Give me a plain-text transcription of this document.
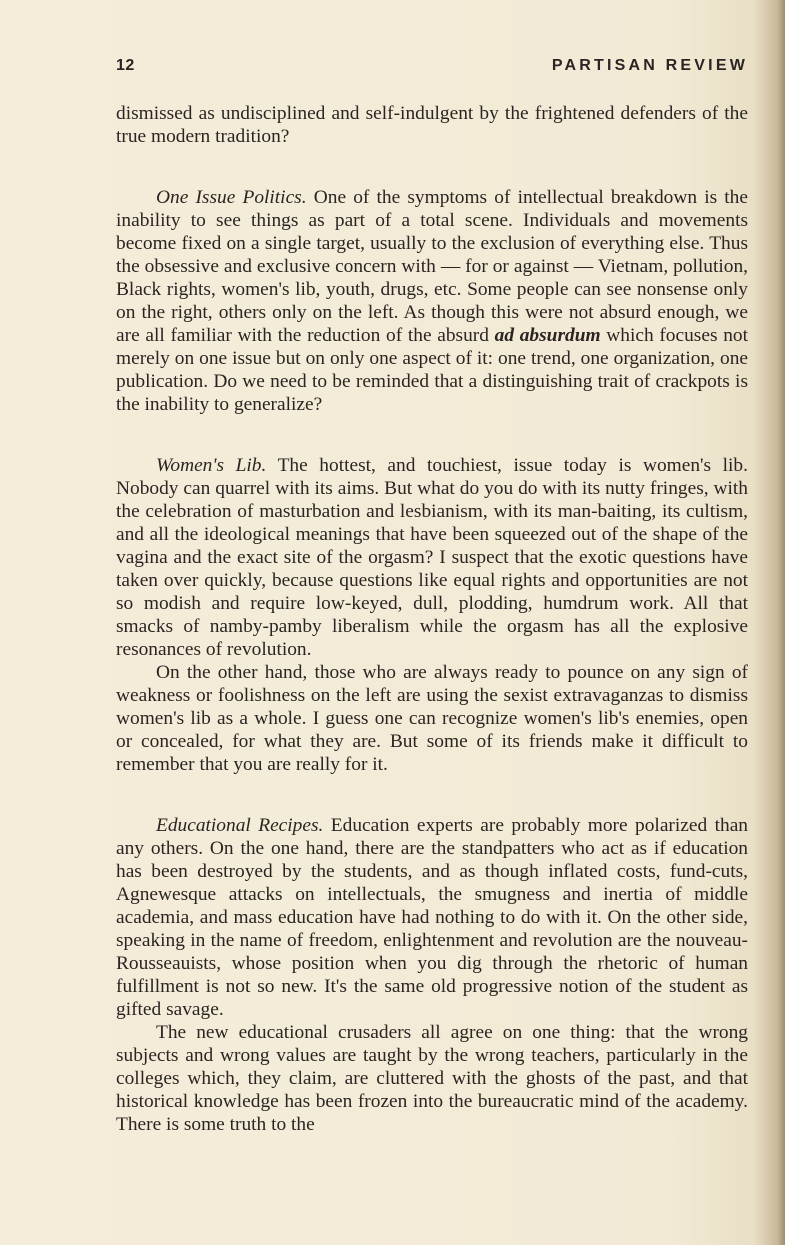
12	PARTISAN REVIEW

dismissed as undisciplined and self-indulgent by the frightened defenders of the true modern tradition?

One Issue Politics. One of the symptoms of intellectual breakdown is the inability to see things as part of a total scene. Individuals and movements become fixed on a single target, usually to the exclusion of everything else. Thus the obsessive and exclusive concern with — for or against — Vietnam, pollution, Black rights, women's lib, youth, drugs, etc. Some people can see nonsense only on the right, others only on the left. As though this were not absurd enough, we are all familiar with the reduction of the absurd ad absurdum which focuses not merely on one issue but on only one aspect of it: one trend, one organization, one publication. Do we need to be reminded that a distinguishing trait of crackpots is the inability to generalize?

Women's Lib. The hottest, and touchiest, issue today is women's lib. Nobody can quarrel with its aims. But what do you do with its nutty fringes, with the celebration of masturbation and lesbianism, with its man-baiting, its cultism, and all the ideological meanings that have been squeezed out of the shape of the vagina and the exact site of the orgasm? I suspect that the exotic questions have taken over quickly, because questions like equal rights and opportunities are not so modish and require low-keyed, dull, plodding, humdrum work. All that smacks of namby-pamby liberalism while the orgasm has all the explosive resonances of revolution.

On the other hand, those who are always ready to pounce on any sign of weakness or foolishness on the left are using the sexist extravaganzas to dismiss women's lib as a whole. I guess one can recognize women's lib's enemies, open or concealed, for what they are. But some of its friends make it difficult to remember that you are really for it.

Educational Recipes. Education experts are probably more polarized than any others. On the one hand, there are the standpatters who act as if education has been destroyed by the students, and as though inflated costs, fund-cuts, Agnewesque attacks on intellectuals, the smugness and inertia of middle academia, and mass education have had nothing to do with it. On the other side, speaking in the name of freedom, enlightenment and revolution are the nouveau-Rousseauists, whose position when you dig through the rhetoric of human fulfillment is not so new. It's the same old progressive notion of the student as gifted savage.

The new educational crusaders all agree on one thing: that the wrong subjects and wrong values are taught by the wrong teachers, particularly in the colleges which, they claim, are cluttered with the ghosts of the past, and that historical knowledge has been frozen into the bureaucratic mind of the academy. There is some truth to the
